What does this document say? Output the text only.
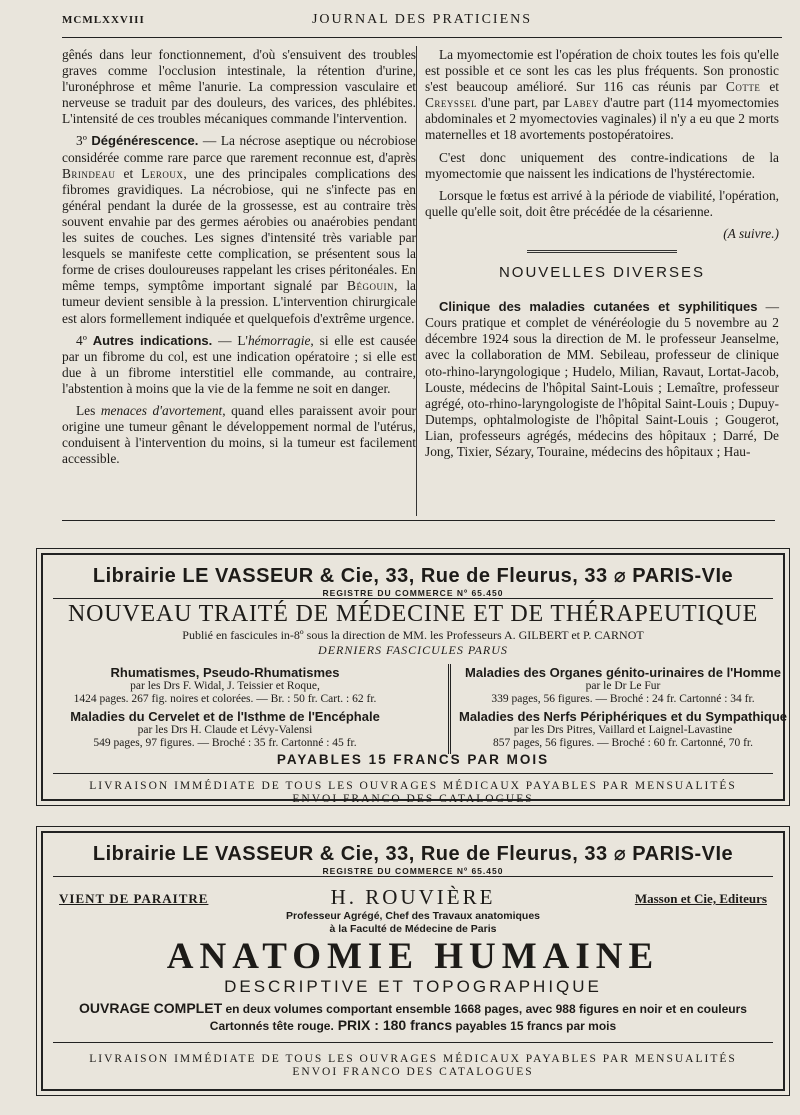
MCMLXXVIII	JOURNAL DES PRATICIENS

gênés dans leur fonctionnement, d'où s'ensuivent des troubles graves comme l'occlusion intestinale, la rétention d'urine, l'uronéphrose et même l'anurie. La compression vasculaire et nerveuse se traduit par des douleurs, des varices, des phlébites. L'intensité de ces troubles mécaniques commande l'intervention.

3º Dégénérescence. — La nécrose aseptique ou nécrobiose considérée comme rare parce que rarement reconnue est, d'après Brindeau et Leroux, une des principales complications des fibromes gravidiques. La nécrobiose, qui ne s'infecte pas en général pendant la durée de la grossesse, est au contraire très souvent envahie par des germes aérobies ou anaérobies pendant les suites de couches. Les signes d'intensité très variable par lesquels se manifeste cette complication, se présentent sous la forme de crises douloureuses rappelant les crises péritonéales. En même temps, symptôme important signalé par Bégouin, la tumeur devient sensible à la pression. L'intervention chirurgicale est alors formellement indiquée et quelquefois d'extrême urgence.

4º Autres indications. — L'hémorragie, si elle est causée par un fibrome du col, est une indication opératoire ; si elle est due à un fibrome interstitiel elle commande, au contraire, l'abstention à moins que la vie de la femme ne soit en danger.

Les menaces d'avortement, quand elles paraissent avoir pour origine une tumeur gênant le développement normal de l'utérus, conduisent à l'intervention du moins, si la tumeur est facilement accessible.

La myomectomie est l'opération de choix toutes les fois qu'elle est possible et ce sont les cas les plus fréquents. Son pronostic s'est beaucoup amélioré. Sur 116 cas réunis par Cotte et Creyssel d'une part, par Labey d'autre part (114 myomectomies abdominales et 2 myomectovies vaginales) il n'y a eu que 2 morts maternelles et 18 avortements postopératoires.

C'est donc uniquement des contre-indications de la myomectomie que naissent les indications de l'hystérectomie.

Lorsque le fœtus est arrivé à la période de viabilité, l'opération, quelle qu'elle soit, doit être précédée de la césarienne.

(A suivre.)
NOUVELLES DIVERSES

Clinique des maladies cutanées et syphilitiques — Cours pratique et complet de vénéréologie du 5 novembre au 2 décembre 1924 sous la direction de M. le professeur Jeanselme, avec la collaboration de MM. Sebileau, professeur de clinique oto-rhino-laryngologique ; Hudelo, Milian, Ravaut, Lortat-Jacob, Louste, médecins de l'hôpital Saint-Louis ; Lemaître, professeur agrégé, oto-rhino-laryngologiste de l'hôpital Saint-Louis ; Dupuy-Dutemps, ophtalmologiste de l'hôpital Saint-Louis ; Gougerot, Lian, professeurs agrégés, médecins des hôpitaux ; Darré, De Jong, Tixier, Sézary, Touraine, médecins des hôpitaux ; Hau-

Librairie LE VASSEUR & Cie, 33, Rue de Fleurus, 33 ⌀ PARIS-VIe
REGISTRE DU COMMERCE Nº 65.450
NOUVEAU TRAITÉ DE MÉDECINE ET DE THÉRAPEUTIQUE
Publié en fascicules in-8º sous la direction de MM. les Professeurs A. GILBERT et P. CARNOT
DERNIERS FASCICULES PARUS
Rhumatismes, Pseudo-Rhumatismes
par les Drs F. Widal, J. Teissier et Roque,
1424 pages. 267 fig. noires et colorées. — Br. : 50 fr. Cart. : 62 fr.
Maladies du Cervelet et de l'Isthme de l'Encéphale
par les Drs H. Claude et Lévy-Valensi
549 pages, 97 figures. — Broché : 35 fr. Cartonné : 45 fr.
Maladies des Organes génito-urinaires de l'Homme
par le Dr Le Fur
339 pages, 56 figures. — Broché : 24 fr. Cartonné : 34 fr.
Maladies des Nerfs Périphériques et du Sympathique
par les Drs Pitres, Vaillard et Laignel-Lavastine
857 pages, 56 figures. — Broché : 60 fr. Cartonné, 70 fr.
PAYABLES 15 FRANCS PAR MOIS
LIVRAISON IMMÉDIATE DE TOUS LES OUVRAGES MÉDICAUX PAYABLES PAR MENSUALITÉS
ENVOI FRANCO DES CATALOGUES
Librairie LE VASSEUR & Cie, 33, Rue de Fleurus, 33 ⌀ PARIS-VIe
REGISTRE DU COMMERCE Nº 65.450
H. ROUVIÈRE
Professeur Agrégé, Chef des Travaux anatomiques
à la Faculté de Médecine de Paris
ANATOMIE HUMAINE
DESCRIPTIVE ET TOPOGRAPHIQUE
OUVRAGE COMPLET en deux volumes comportant ensemble 1668 pages, avec 988 figures en noir et en couleurs
Cartonnés tête rouge. PRIX : 180 francs payables 15 francs par mois
LIVRAISON IMMÉDIATE DE TOUS LES OUVRAGES MÉDICAUX PAYABLES PAR MENSUALITÉS
ENVOI FRANCO DES CATALOGUES
VIENT DE PARAITRE	Masson et Cie, Editeurs
